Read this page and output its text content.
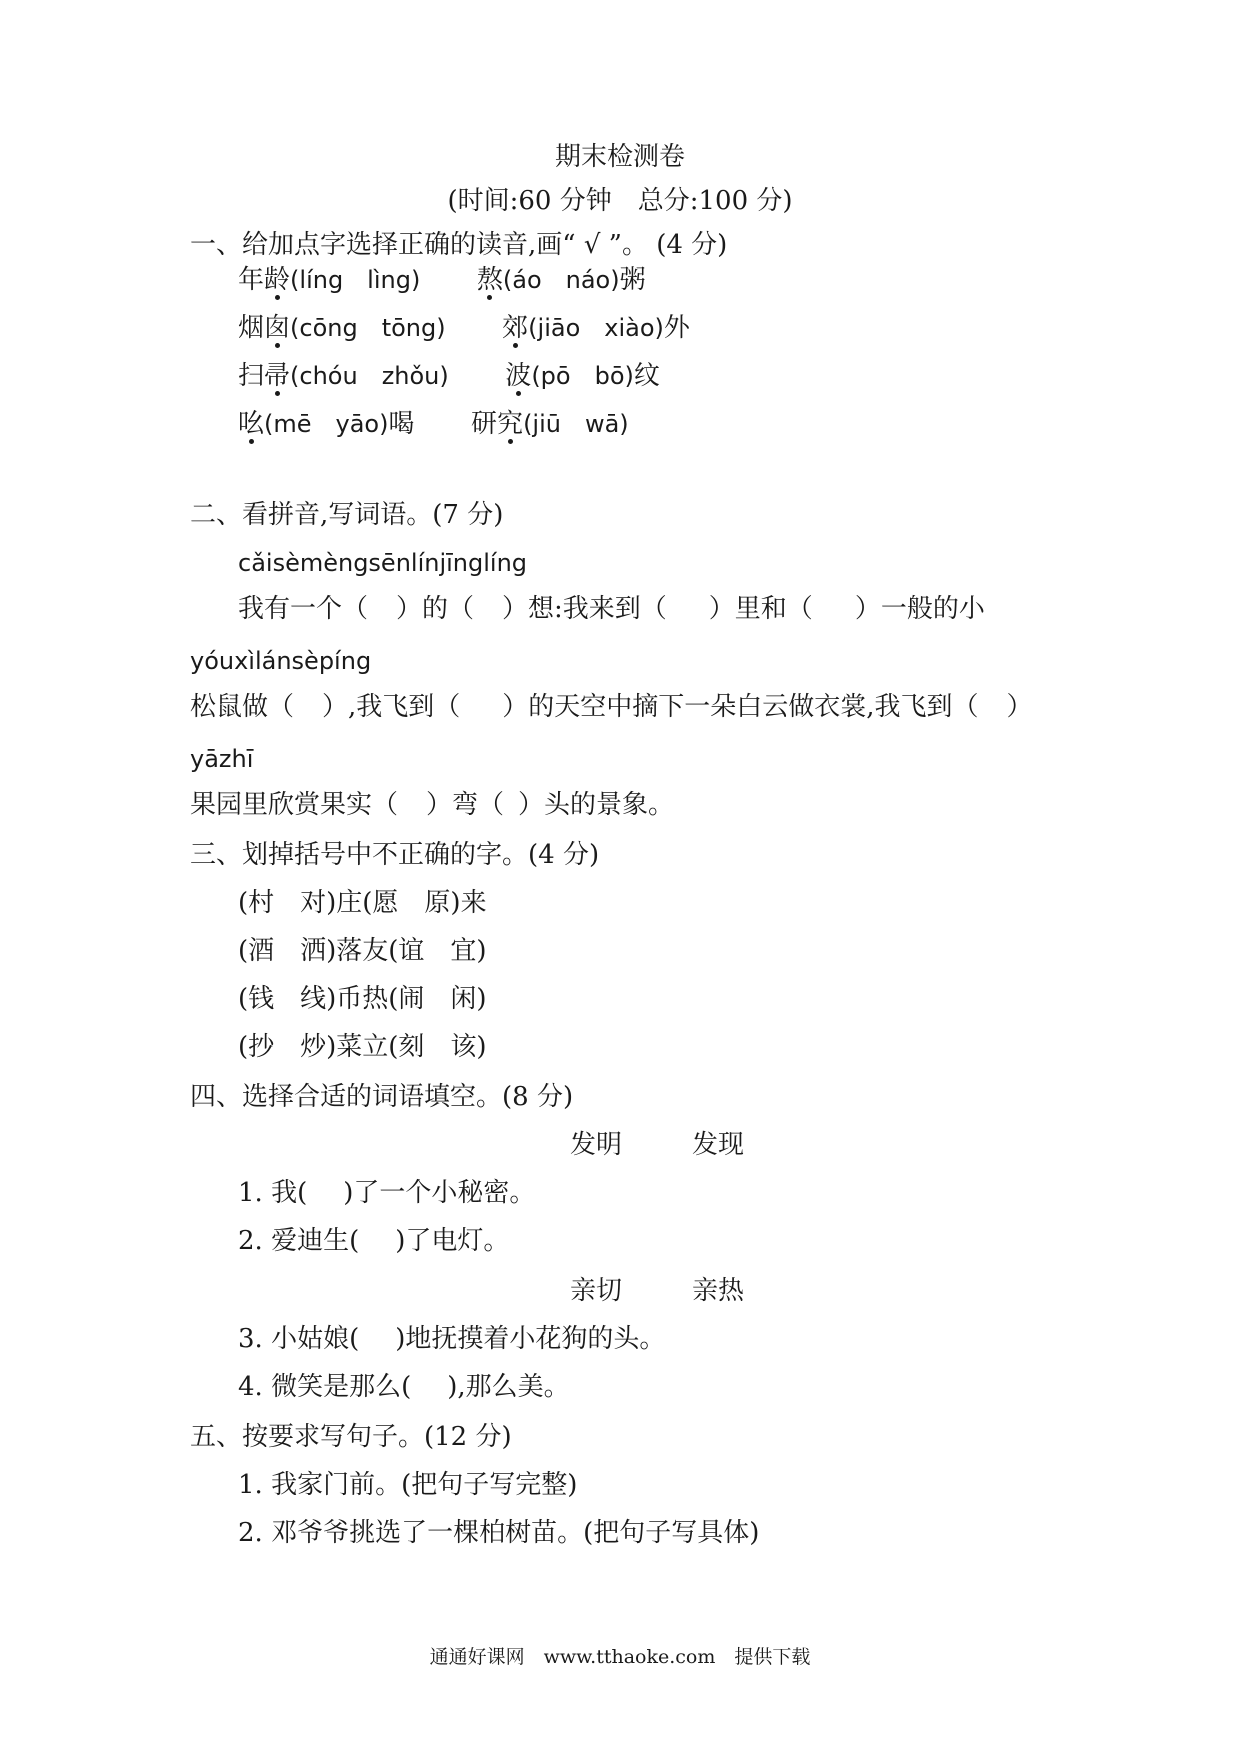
期末检测卷
(时间:60 分钟　总分:100 分)
一、给加点字选择正确的读音,画“ √ ”。 (4 分)
年龄(líng　lìng) 熬(áo　náo)粥
烟囱(cōng　tōng) 郊(jiāo　xiào)外
扫帚(chóu　zhǒu) 波(pō　bō)纹
吆(mē　yāo)喝 研究(jiū　wā)
二、看拼音,写词语。(7 分)
cǎisèmèngsēnlínjīnglíng
我有一个（ ）的（ ）想:我来到（ ）里和（ ）一般的小
yóuxìlánsèpíng
松鼠做（ ）,我飞到（ ）的天空中摘下一朵白云做衣裳,我飞到（ ）
yāzhī
果园里欣赏果实（ ）弯（ ）头的景象。
三、划掉括号中不正确的字。(4 分)
(村　对)庄(愿　原)来
(酒　洒)落友(谊　宜)
(钱　线)币热(闹　闲)
(抄　炒)菜立(刻　该)
四、选择合适的词语填空。(8 分)
发明	发现
1. 我( )了一个小秘密。
2. 爱迪生( )了电灯。
亲切	亲热
3. 小姑娘( )地抚摸着小花狗的头。
4. 微笑是那么( ),那么美。
五、按要求写句子。(12 分)
1. 我家门前。(把句子写完整)
2. 邓爷爷挑选了一棵柏树苗。(把句子写具体)
通通好课网　www.tthaoke.com　提供下载
